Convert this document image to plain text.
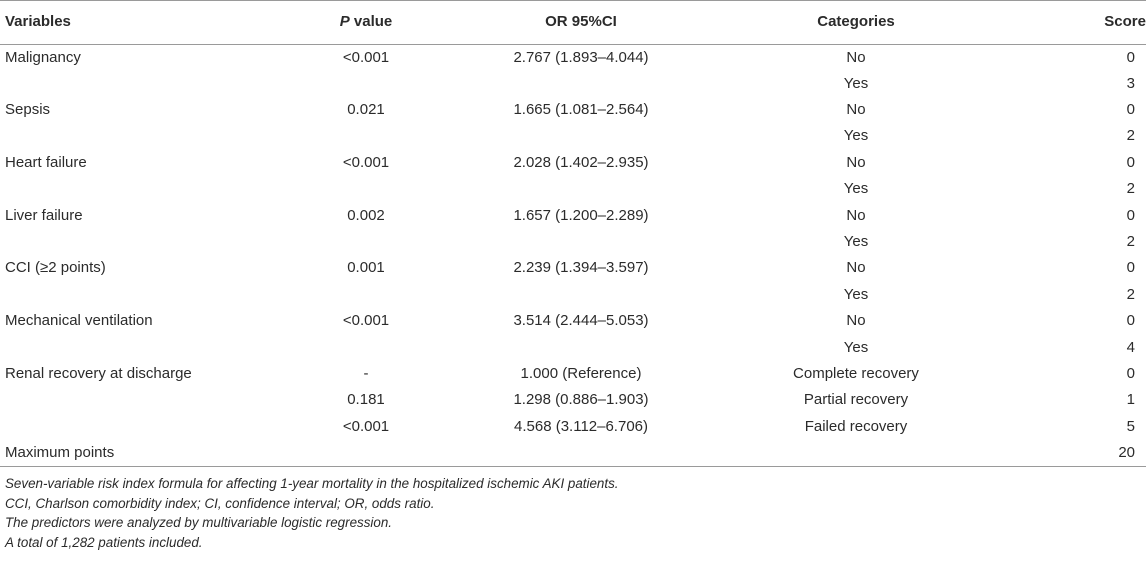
Variables	P value	OR 95%CI	Categories	Score
Malignancy	<0.001	2.767 (1.893–4.044)	No	0
			Yes	3
Sepsis	0.021	1.665 (1.081–2.564)	No	0
			Yes	2
Heart failure	<0.001	2.028 (1.402–2.935)	No	0
			Yes	2
Liver failure	0.002	1.657 (1.200–2.289)	No	0
			Yes	2
CCI (≥2 points)	0.001	2.239 (1.394–3.597)	No	0
			Yes	2
Mechanical ventilation	<0.001	3.514 (2.444–5.053)	No	0
			Yes	4
Renal recovery at discharge	-	1.000 (Reference)	Complete recovery	0
	0.181	1.298 (0.886–1.903)	Partial recovery	1
	<0.001	4.568 (3.112–6.706)	Failed recovery	5
Maximum points				20
Seven-variable risk index formula for affecting 1-year mortality in the hospitalized ischemic AKI patients.
CCI, Charlson comorbidity index; CI, confidence interval; OR, odds ratio.
The predictors were analyzed by multivariable logistic regression.
A total of 1,282 patients included.
